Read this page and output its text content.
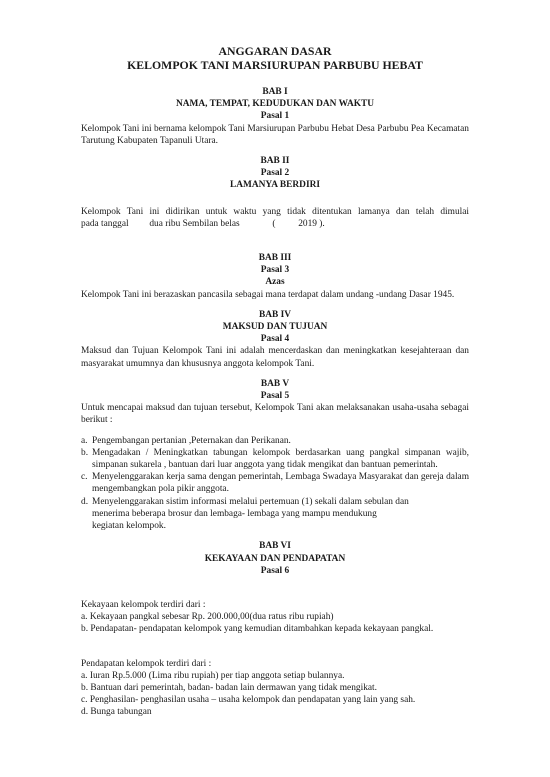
ANGGARAN DASAR

KELOMPOK TANI MARSIURUPAN PARBUBU HEBAT

BAB I

NAMA, TEMPAT, KEDUDUKAN DAN WAKTU

Pasal 1

Kelompok Tani ini bernama kelompok Tani Marsiurupan Parbubu Hebat Desa Parbubu Pea Kecamatan Tarutung Kabupaten Tapanuli Utara.

BAB II

Pasal 2

LAMANYA BERDIRI

Kelompok Tani ini didirikan untuk waktu yang tidak ditentukan lamanya dan telah dimulai

pada tanggal dua ribu Sembilan belas	( 2019 ).

BAB III

Pasal 3

Azas

Kelompok Tani ini berazaskan pancasila sebagai mana terdapat dalam undang -undang Dasar 1945.

BAB IV

MAKSUD DAN TUJUAN

Pasal 4

Maksud dan Tujuan Kelompok Tani ini adalah mencerdaskan dan meningkatkan kesejahteraan dan masyarakat umumnya dan khususnya anggota kelompok Tani.

BAB V

Pasal 5

Untuk mencapai maksud dan tujuan tersebut, Kelompok Tani akan melaksanakan usaha-usaha sebagai berikut :

a. Pengembangan pertanian ,Peternakan dan Perikanan.
b. Mengadakan / Meningkatkan tabungan kelompok berdasarkan uang pangkal simpanan wajib, simpanan sukarela , bantuan dari luar anggota yang tidak mengikat dan bantuan pemerintah.
c. Menyelenggarakan kerja sama dengan pemerintah, Lembaga Swadaya Masyarakat dan gereja dalam mengembangkan pola pikir anggota.
d. Menyelenggarakan sistim informasi melalui pertemuan (1) sekali dalam sebulan dan

menerima beberapa brosur dan lembaga- lembaga yang mampu mendukung

kegiatan kelompok.

BAB VI

KEKAYAAN DAN PENDAPATAN

Pasal 6

Kekayaan kelompok terdiri dari :

a. Kekayaan pangkal sebesar Rp. 200.000,00(dua ratus ribu rupiah)

b. Pendapatan- pendapatan kelompok yang kemudian ditambahkan kepada kekayaan pangkal.

Pendapatan kelompok terdiri dari :

a. Iuran Rp.5.000 (Lima ribu rupiah) per tiap anggota setiap bulannya.

b. Bantuan dari pemerintah, badan- badan lain dermawan yang tidak mengikat.

c. Penghasilan- penghasilan usaha – usaha kelompok dan pendapatan yang lain yang sah.

d. Bunga tabungan
